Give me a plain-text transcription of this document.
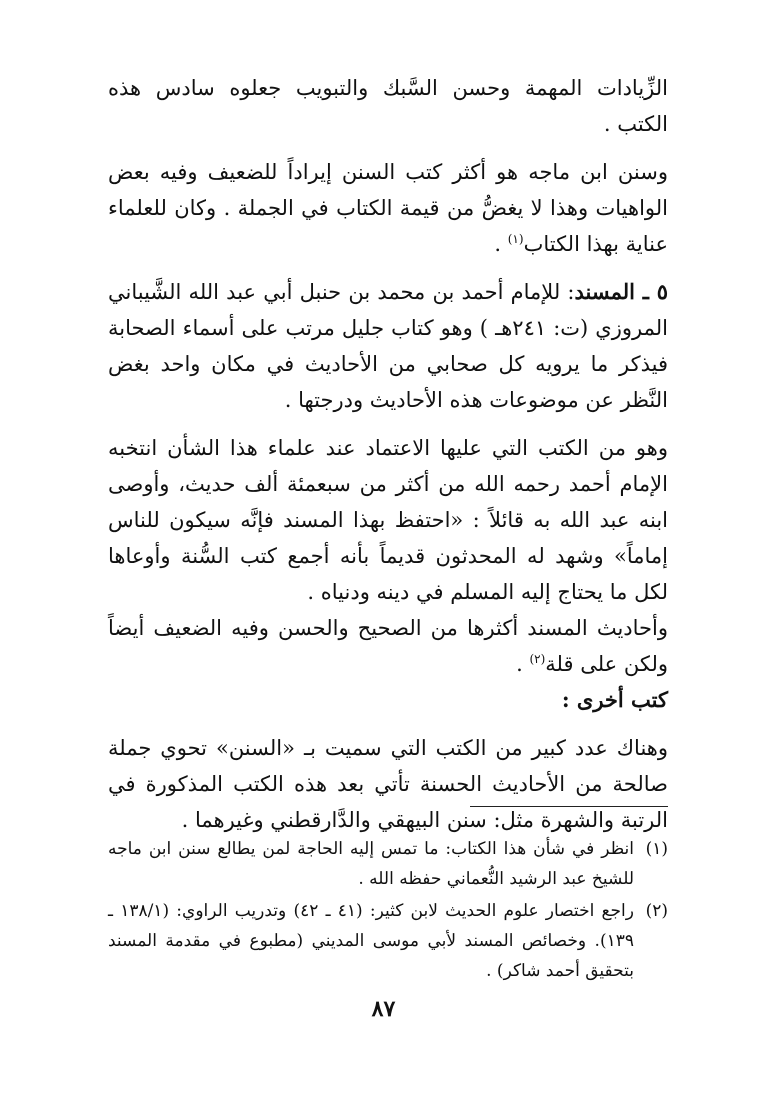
الزِّيادات المهمة وحسن السَّبك والتبويب جعلوه سادس هذه الكتب .

وسنن ابن ماجه هو أكثر كتب السنن إيراداً للضعيف وفيه بعض الواهيات وهذا لا يغضُّ من قيمة الكتاب في الجملة . وكان للعلماء عناية بهذا الكتاب$^{(١)}$ .

٥ ـ المسند: للإمام أحمد بن محمد بن حنبل أبي عبد الله الشَّيباني المروزي (ت: ٢٤١هـ ) وهو كتاب جليل مرتب على أسماء الصحابة فيذكر ما يرويه كل صحابي من الأحاديث في مكان واحد بغض النَّظر عن موضوعات هذه الأحاديث ودرجتها .

وهو من الكتب التي عليها الاعتماد عند علماء هذا الشأن انتخبه الإمام أحمد رحمه الله من أكثر من سبعمئة ألف حديث، وأوصى ابنه عبد الله به قائلاً : «احتفظ بهذا المسند فإنَّه سيكون للناس إماماً» وشهد له المحدثون قديماً بأنه أجمع كتب السُّنة وأوعاها لكل ما يحتاج إليه المسلم في دينه ودنياه .

وأحاديث المسند أكثرها من الصحيح والحسن وفيه الضعيف أيضاً ولكن على قلة$^{(٢)}$ .

كتب أخرى :

وهناك عدد كبير من الكتب التي سميت بـ «السنن» تحوي جملة صالحة من الأحاديث الحسنة تأتي بعد هذه الكتب المذكورة في الرتبة والشهرة مثل: سنن البيهقي والدَّارقطني وغيرهما .

(١)
انظر في شأن هذا الكتاب: ما تمس إليه الحاجة لمن يطالع سنن ابن ماجه للشيخ عبد الرشيد النُّعماني حفظه الله .
(٢)
راجع اختصار علوم الحديث لابن كثير: (٤١ ـ ٤٢) وتدريب الراوي: (١٣٨/١ ـ ١٣٩). وخصائص المسند لأبي موسى المديني (مطبوع في مقدمة المسند بتحقيق أحمد شاكر) .
٨٧
